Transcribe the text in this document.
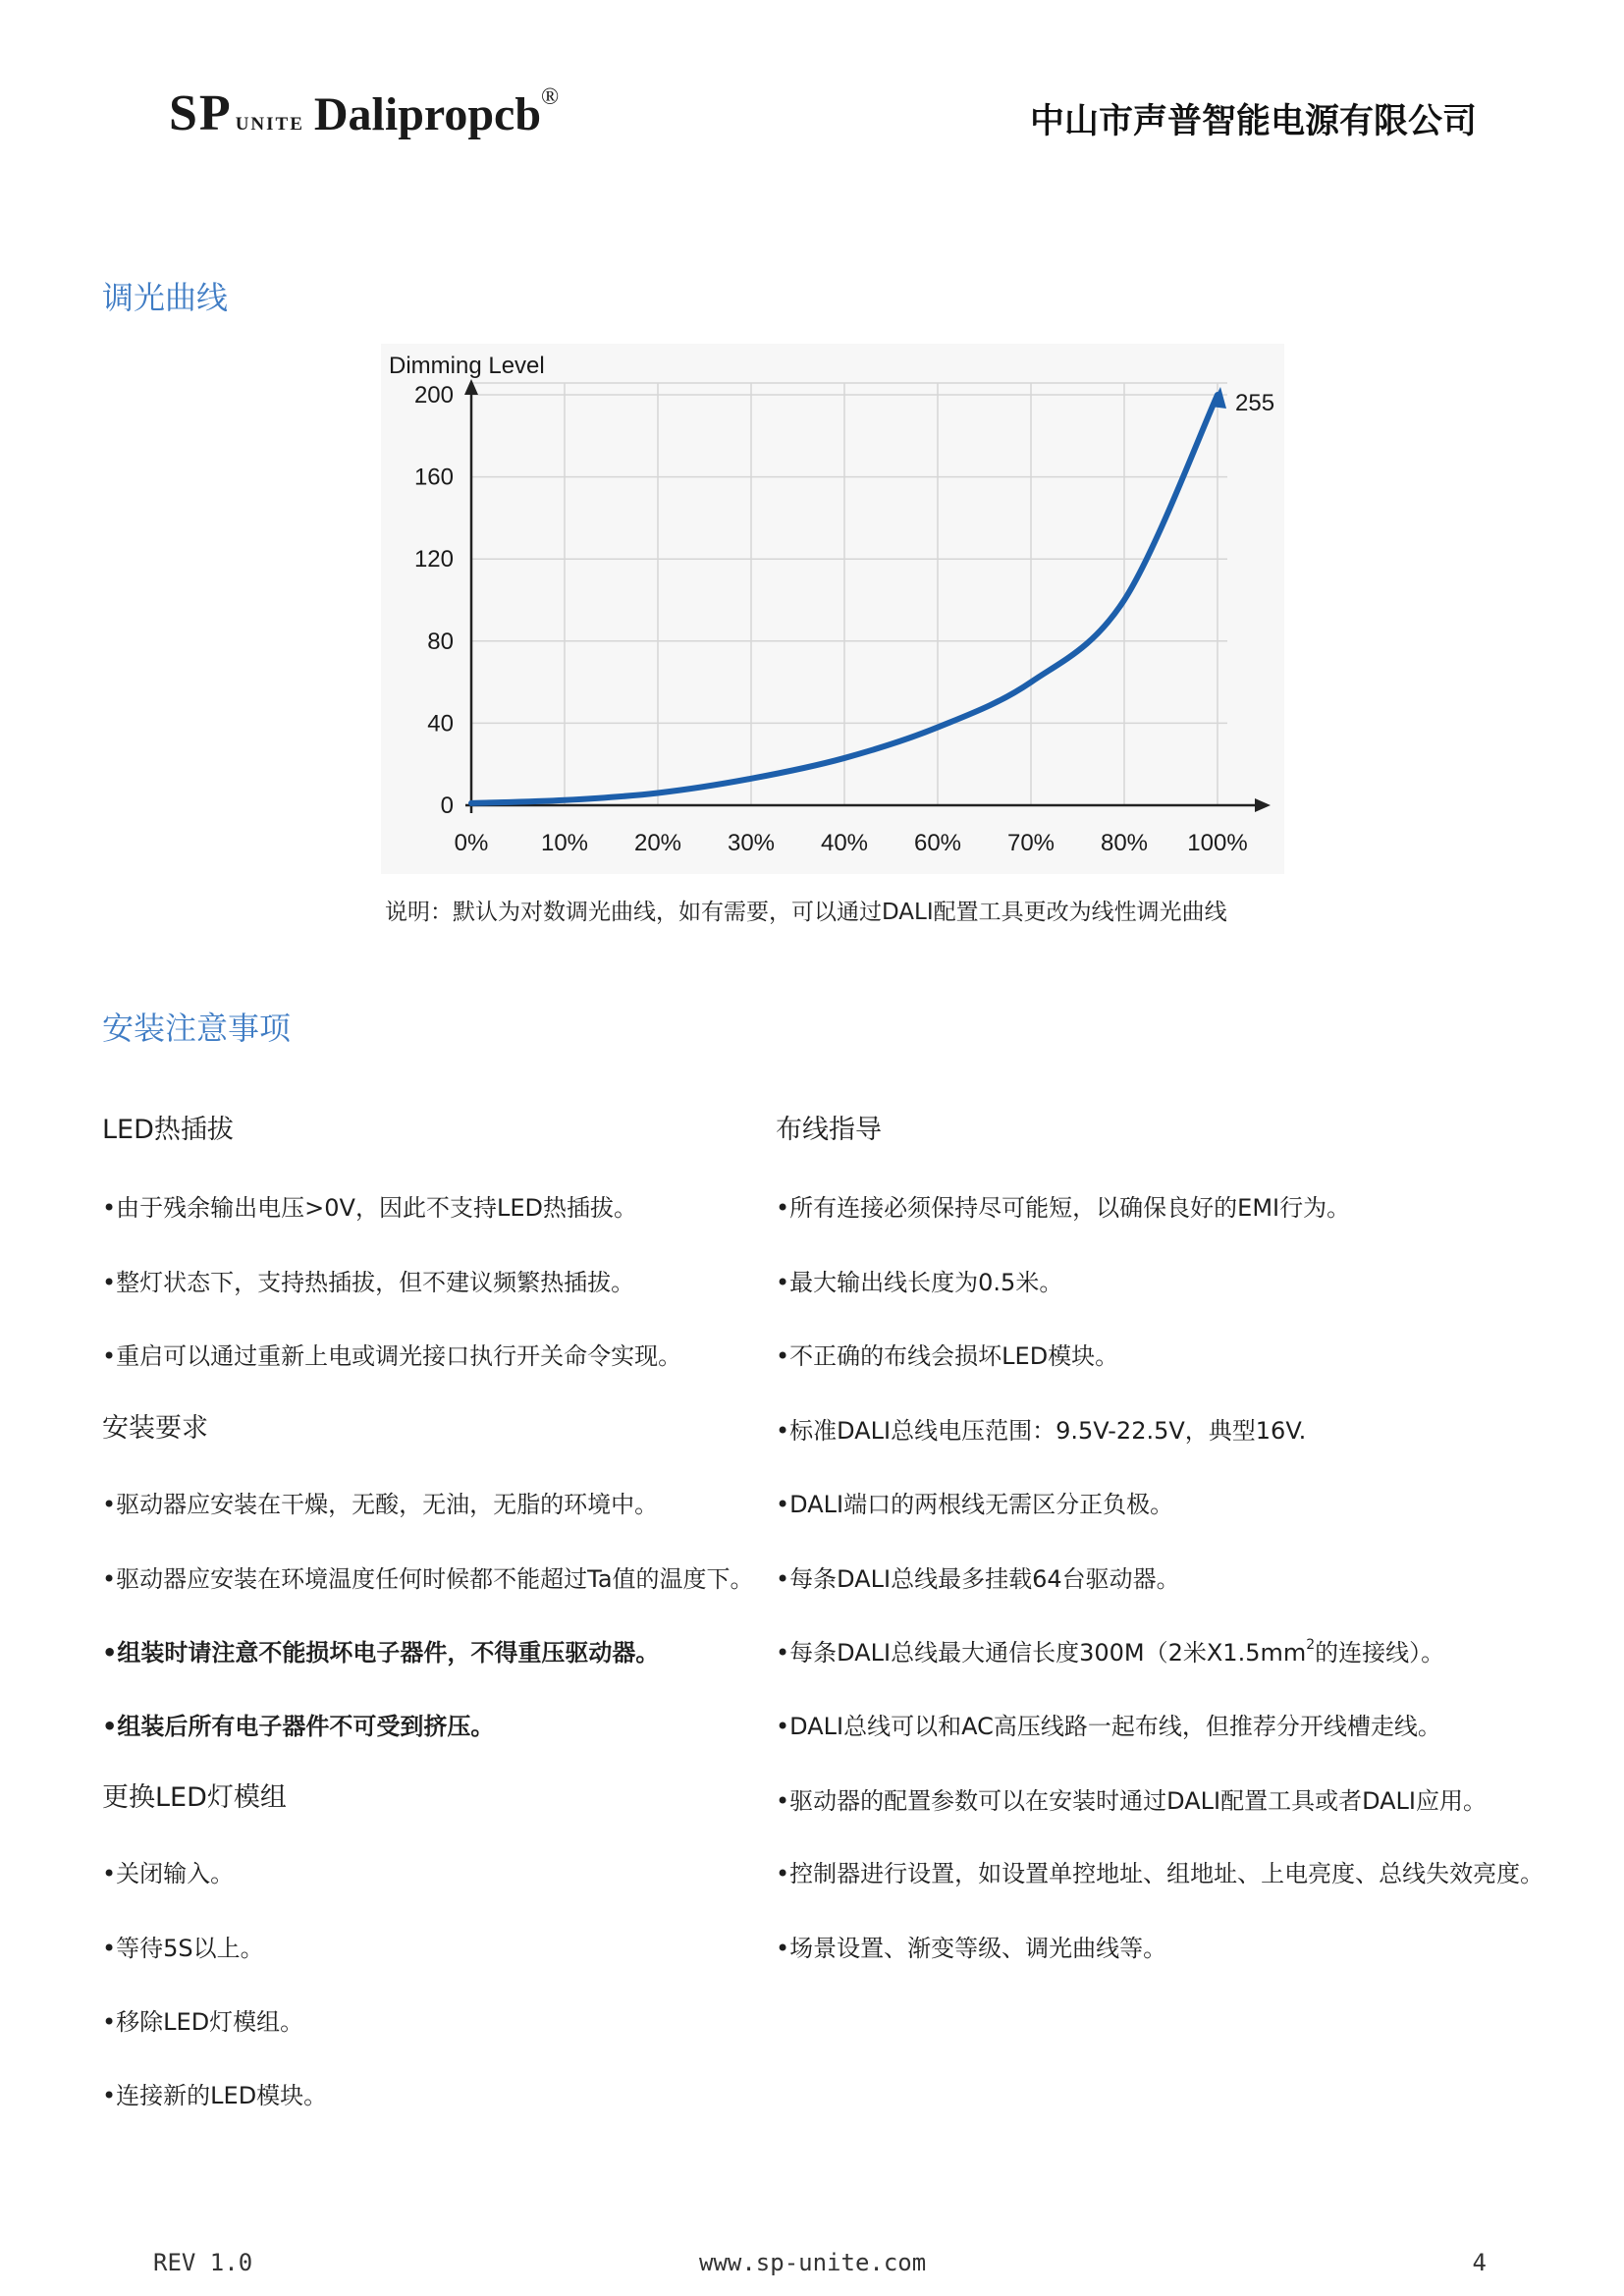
SP UNITE Dalipropcb®
中山市声普智能电源有限公司
调光曲线
Dimming Level
0
40
80
120
160
200
0% 10% 20% 30% 40% 60% 70% 80% 100%
255
说明：默认为对数调光曲线，如有需要，可以通过DALI配置工具更改为线性调光曲线
安装注意事项
LED热插拔
•由于残余输出电压>0V，因此不支持LED热插拔。
•整灯状态下，支持热插拔，但不建议频繁热插拔。
•重启可以通过重新上电或调光接口执行开关命令实现。
安装要求
•驱动器应安装在干燥，无酸，无油，无脂的环境中。
•驱动器应安装在环境温度任何时候都不能超过Ta值的温度下。
•组装时请注意不能损坏电子器件，不得重压驱动器。
•组装后所有电子器件不可受到挤压。
更换LED灯模组
•关闭输入。
•等待5S以上。
•移除LED灯模组。
•连接新的LED模块。
布线指导
•所有连接必须保持尽可能短，以确保良好的EMI行为。
•最大输出线长度为0.5米。
•不正确的布线会损坏LED模块。
•标准DALI总线电压范围：9.5V-22.5V，典型16V.
•DALI端口的两根线无需区分正负极。
•每条DALI总线最多挂载64台驱动器。
•每条DALI总线最大通信长度300M（2米$X1.5mm^2$的连接线）。
•DALI总线可以和AC高压线路一起布线，但推荐分开线槽走线。
•驱动器的配置参数可以在安装时通过DALI配置工具或者DALI应用。
•控制器进行设置，如设置单控地址、组地址、上电亮度、总线失效亮度。
•场景设置、渐变等级、调光曲线等。
REV 1.0	www.sp-unite.com	4
